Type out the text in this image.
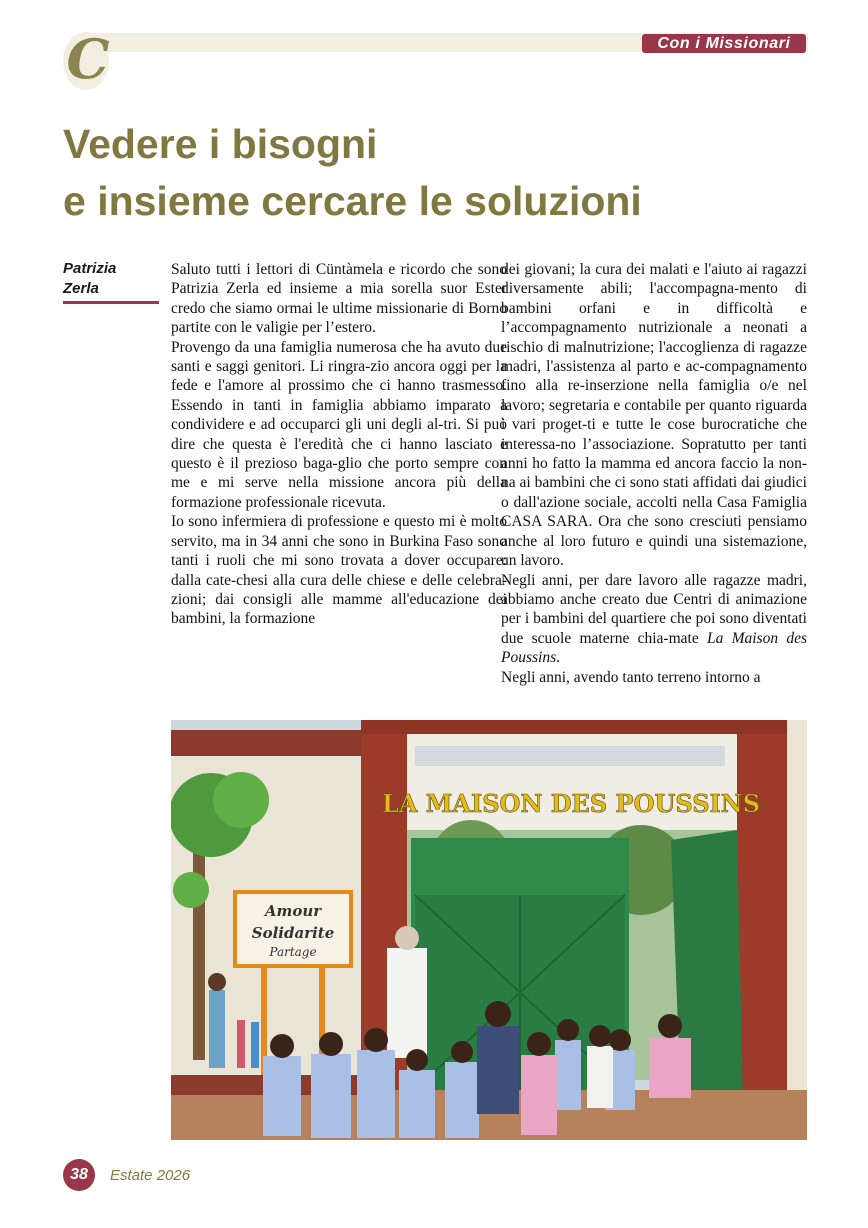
C	Con i Missionari
Vedere i bisogni
e insieme cercare le soluzioni
Patrizia
Zerla

Saluto tutti i lettori di Cüntàmela e ricordo che sono Patrizia Zerla ed insieme a mia sorella suor Ester credo che siamo ormai le ultime missionarie di Borno partite con le valigie per l’estero.

Provengo da una famiglia numerosa che ha avuto due santi e saggi genitori. Li ringra-zio ancora oggi per la fede e l'amore al prossimo che ci hanno trasmesso. Essendo in tanti in famiglia abbiamo imparato a condividere e ad occuparci gli uni degli al-tri. Si può dire che questa è l'eredità che ci hanno lasciato e questo è il prezioso baga-glio che porto sempre con me e mi serve nella missione ancora più della formazione professionale ricevuta.

Io sono infermiera di professione e questo mi è molto servito, ma in 34 anni che sono in Burkina Faso sono tanti i ruoli che mi sono trovata a dover occupare: dalla cate-chesi alla cura delle chiese e delle celebra-zioni; dai consigli alle mamme all'educazione dei bambini, la formazione

dei giovani; la cura dei malati e l'aiuto ai ragazzi diversamente abili; l'accompagna-mento di bambini orfani e in difficoltà e l’accompagnamento nutrizionale a neonati a rischio di malnutrizione; l'accoglienza di ragazze madri, l'assistenza al parto e ac-compagnamento fino alla re-inserzione nella famiglia o/e nel lavoro; segretaria e contabile per quanto riguarda i vari proget-ti e tutte le cose burocratiche che interessa-no l’associazione. Sopratutto per tanti anni ho fatto la mamma ed ancora faccio la non-na ai bambini che ci sono stati affidati dai giudici o dall'azione sociale, accolti nella Casa Famiglia CASA SARA. Ora che sono cresciuti pensiamo anche al loro futuro e quindi una sistemazione, un lavoro.

Negli anni, per dare lavoro alle ragazze madri, abbiamo anche creato due Centri di animazione per i bambini del quartiere che poi sono diventati due scuole materne chia-mate La Maison des Poussins.

Negli anni, avendo tanto terreno intorno a

LA MAISON DES POUSSINS
Amour
Solidarite
Partage
38	Estate 2026
